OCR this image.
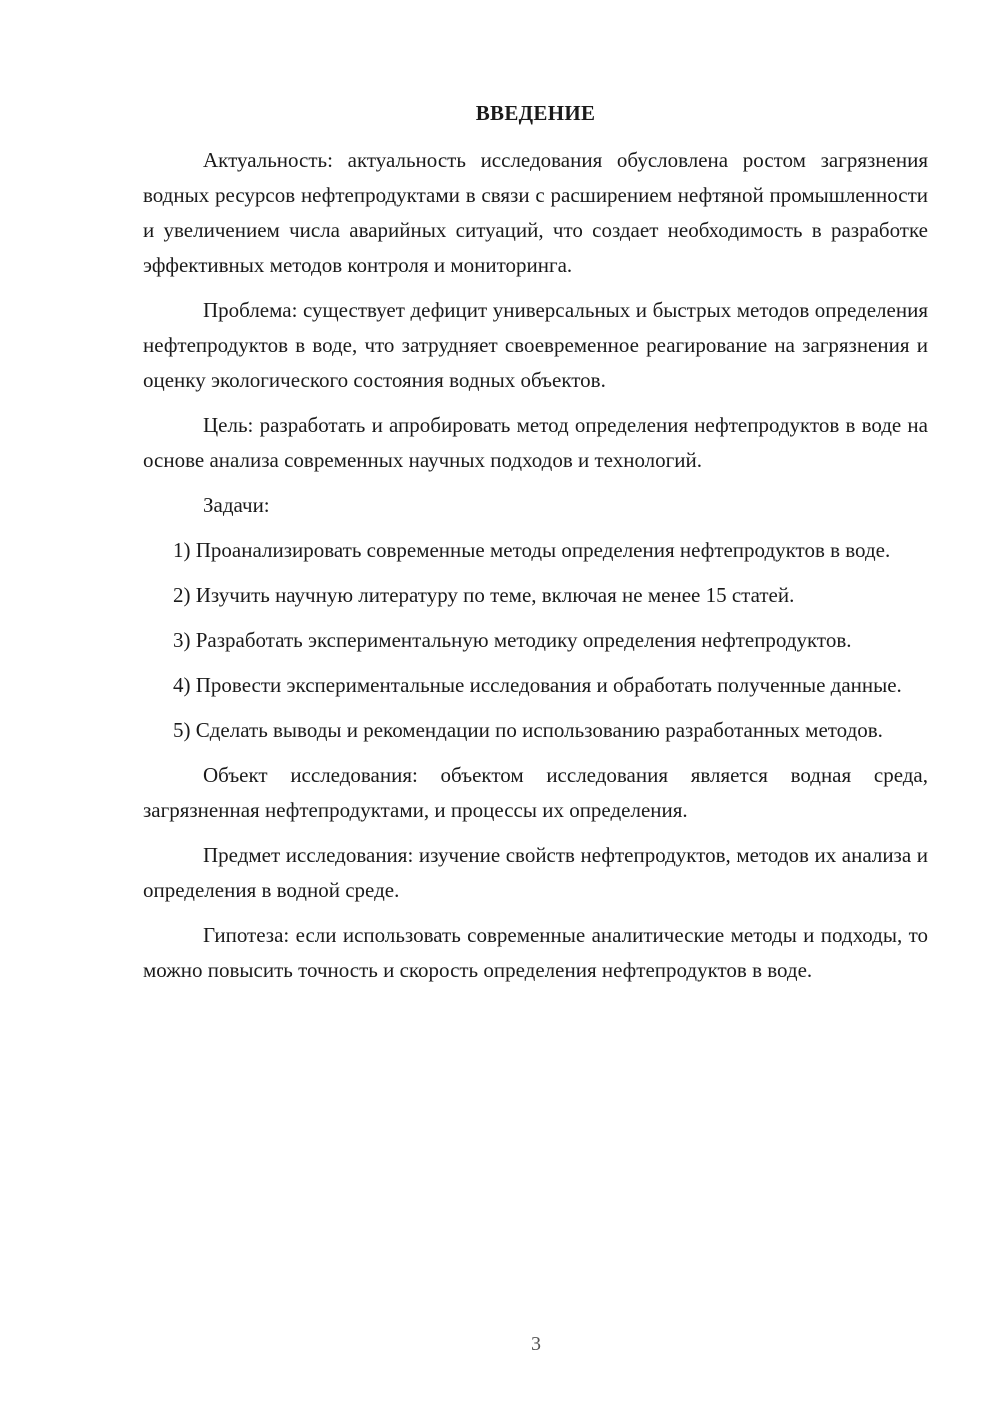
ВВЕДЕНИЕ

Актуальность: актуальность исследования обусловлена ростом загрязнения водных ресурсов нефтепродуктами в связи с расширением нефтяной промышленности и увеличением числа аварийных ситуаций, что создает необходимость в разработке эффективных методов контроля и мониторинга.

Проблема: существует дефицит универсальных и быстрых методов определения нефтепродуктов в воде, что затрудняет своевременное реагирование на загрязнения и оценку экологического состояния водных объектов.

Цель: разработать и апробировать метод определения нефтепродуктов в воде на основе анализа современных научных подходов и технологий.

Задачи:

1) Проанализировать современные методы определения нефтепродуктов в воде.

2) Изучить научную литературу по теме, включая не менее 15 статей.

3) Разработать экспериментальную методику определения нефтепродуктов.

4) Провести экспериментальные исследования и обработать полученные данные.

5) Сделать выводы и рекомендации по использованию разработанных методов.

Объект исследования: объектом исследования является водная среда, загрязненная нефтепродуктами, и процессы их определения.

Предмет исследования: изучение свойств нефтепродуктов, методов их анализа и определения в водной среде.

Гипотеза: если использовать современные аналитические методы и подходы, то можно повысить точность и скорость определения нефтепродуктов в воде.

3
